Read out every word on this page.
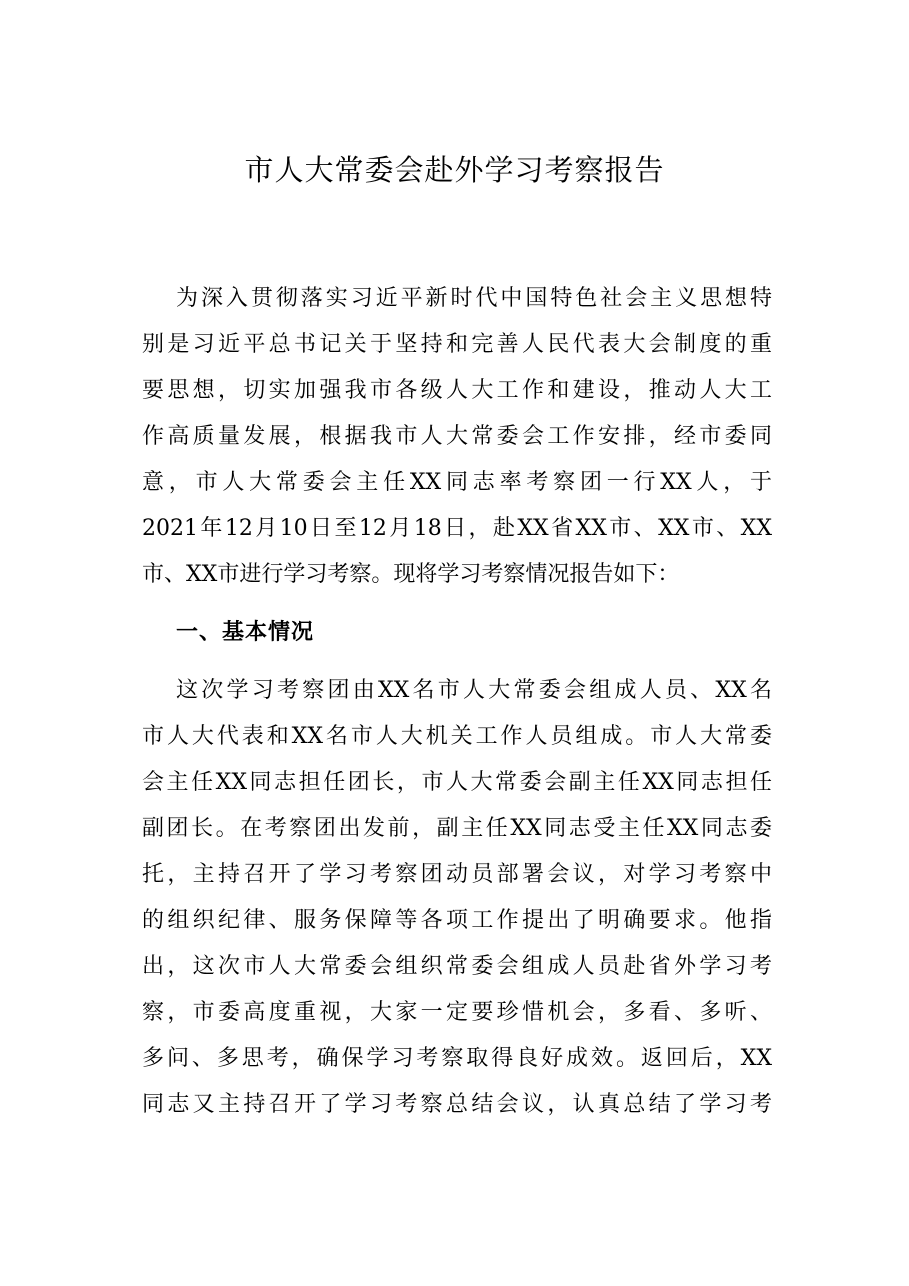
市人大常委会赴外学习考察报告
为深入贯彻落实习近平新时代中国特色社会主义思想特
别是习近平总书记关于坚持和完善人民代表大会制度的重
要思想，切实加强我市各级人大工作和建设，推动人大工
作高质量发展，根据我市人大常委会工作安排，经市委同
意，市人大常委会主任XX同志率考察团一行XX人，于
2021年12月10日至12月18日，赴XX省XX市、XX市、XX
市、XX市进行学习考察。现将学习考察情况报告如下：
一、基本情况
这次学习考察团由XX名市人大常委会组成人员、XX名
市人大代表和XX名市人大机关工作人员组成。市人大常委
会主任XX同志担任团长，市人大常委会副主任XX同志担任
副团长。在考察团出发前，副主任XX同志受主任XX同志委
托，主持召开了学习考察团动员部署会议，对学习考察中
的组织纪律、服务保障等各项工作提出了明确要求。他指
出，这次市人大常委会组织常委会组成人员赴省外学习考
察，市委高度重视，大家一定要珍惜机会，多看、多听、
多问、多思考，确保学习考察取得良好成效。返回后，XX
同志又主持召开了学习考察总结会议，认真总结了学习考
